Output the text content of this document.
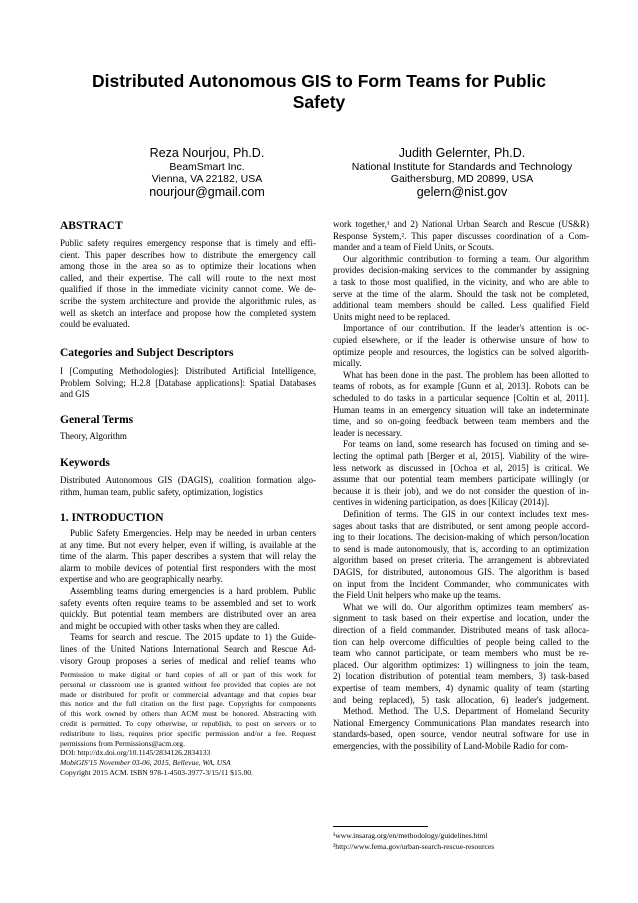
Distributed Autonomous GIS to Form Teams for Public
Safety
Reza Nourjou, Ph.D.
BeamSmart Inc.
Vienna, VA 22182, USA
nourjour@gmail.com
Judith Gelernter, Ph.D.
National Institute for Standards and Technology
Gaithersburg, MD 20899, USA
gelern@nist.gov
ABSTRACT
Public safety requires emergency response that is timely and effi-
cient. This paper describes how to distribute the emergency call
among those in the area so as to optimize their locations when
called, and their expertise. The call will route to the next most
qualified if those in the immediate vicinity cannot come. We de-
scribe the system architecture and provide the algorithmic rules, as
well as sketch an interface and propose how the completed system
could be evaluated.
Categories and Subject Descriptors
I [Computing Methodologies]: Distributed Artificial Intelligence,
Problem Solving; H.2.8 [Database applications]: Spatial Databases
and GIS
General Terms
Theory, Algorithm
Keywords
Distributed Autonomous GIS (DAGIS), coalition formation algo-
rithm, human team, public safety, optimization, logistics
1. INTRODUCTION
Public Safety Emergencies. Help may be needed in urban centers
at any time. But not every helper, even if willing, is available at the
time of the alarm. This paper describes a system that will relay the
alarm to mobile devices of potential first responders with the most
expertise and who are geographically nearby.
Assembling teams during emergencies is a hard problem. Public
safety events often require teams to be assembled and set to work
quickly. But potential team members are distributed over an area
and might be occupied with other tasks when they are called.
Teams for search and rescue. The 2015 update to 1) the Guide-
lines of the United Nations International Search and Rescue Ad-
visory Group proposes a series of medical and relief teams who
Permission to make digital or hard copies of all or part of this work for
personal or classroom use is granted without fee provided that copies are not
made or distributed for profit or commercial advantage and that copies bear
this notice and the full citation on the first page. Copyrights for components
of this work owned by others than ACM must be honored. Abstracting with
credit is permitted. To copy otherwise, or republish, to post on servers or to
redistribute to lists, requires prior specific permission and/or a fee. Request
permissions from Permissions@acm.org.
DOI: http://dx.doi.org/10.1145/2834126.2834133
MobiGIS'15 November 03-06, 2015, Bellevue, WA, USA
Copyright 2015 ACM. ISBN 978-1-4503-3977-3/15/11 $15.00.
work together,¹ and 2) National Urban Search and Rescue (US&R)
Response System,². This paper discusses coordination of a Com-
mander and a team of Field Units, or Scouts.
Our algorithmic contribution to forming a team. Our algorithm
provides decision-making services to the commander by assigning
a task to those most qualified, in the vicinity, and who are able to
serve at the time of the alarm. Should the task not be completed,
additional team members should be called. Less qualified Field
Units might need to be replaced.
Importance of our contribution. If the leader's attention is oc-
cupied elsewhere, or if the leader is otherwise unsure of how to
optimize people and resources, the logistics can be solved algorith-
mically.
What has been done in the past. The problem has been allotted to
teams of robots, as for example [Gunn et al, 2013]. Robots can be
scheduled to do tasks in a particular sequence [Coltin et al, 2011].
Human teams in an emergency situation will take an indeterminate
time, and so on-going feedback between team members and the
leader is necessary.
For teams on land, some research has focused on timing and se-
lecting the optimal path [Berger et al, 2015]. Viability of the wire-
less network as discussed in [Ochoa et al, 2015] is critical. We
assume that our potential team members participate willingly (or
because it is their job), and we do not consider the question of in-
centives in widening participation, as does [Kilicay (2014)].
Definition of terms. The GIS in our context includes text mes-
sages about tasks that are distributed, or sent among people accord-
ing to their locations. The decision-making of which person/location
to send is made autonomously, that is, according to an optimization
algorithm based on preset criteria. The arrangement is abbreviated
DAGIS, for distributed, autonomous GIS. The algorithm is based
on input from the Incident Commander, who communicates with
the Field Unit helpers who make up the teams.
What we will do. Our algorithm optimizes team members' as-
signment to task based on their expertise and location, under the
direction of a field commander. Distributed means of task alloca-
tion can help overcome difficulties of people being called to the
team who cannot participate, or team members who must be re-
placed. Our algorithm optimizes: 1) willingness to join the team,
2) location distribution of potential team members, 3) task-based
expertise of team members, 4) dynamic quality of team (starting
and being replaced), 5) task allocation, 6) leader's judgement.
Method. Method. The U.S. Department of Homeland Security
National Emergency Communications Plan mandates research into
standards-based, open source, vendor neutral software for use in
emergencies, with the possibility of Land-Mobile Radio for com-
¹www.insarag.org/en/methodology/guidelines.html
²http://www.fema.gov/urban-search-rescue-resources
